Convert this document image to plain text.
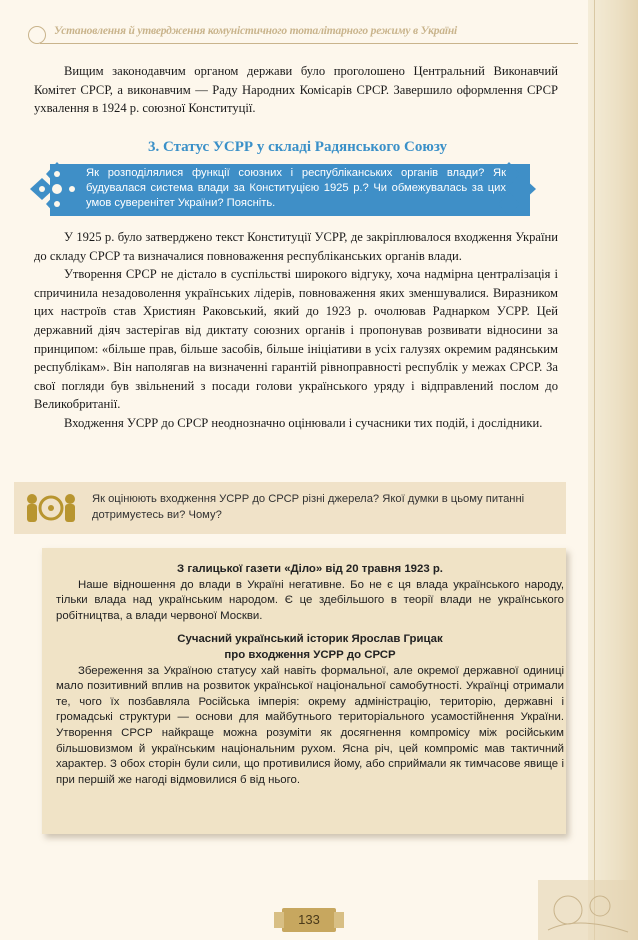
Установлення й утвердження комуністичного тоталітарного режиму в Україні

Вищим законодавчим органом держави було проголошено Центральний Виконавчий Комітет СРСР, а виконавчим — Раду Народних Комісарів СРСР. Завершило оформлення СРСР ухвалення в 1924 р. союзної Конституції.

3. Статус УСРР у складі Радянського Союзу
Як розподілялися функції союзних і республіканських органів влади? Як будувалася система влади за Конституцією 1925 р.? Чи обмежувалась за цих умов суверенітет України? Поясніть.

У 1925 р. було затверджено текст Конституції УСРР, де закріплювалося входження України до складу СРСР та визначалися повноваження республіканських органів влади.

Утворення СРСР не дістало в суспільстві широкого відгуку, хоча надмірна централізація і спричинила незадоволення українських лідерів, повноваження яких зменшувалися. Виразником цих настроїв став Християн Раковський, який до 1923 р. очолював Раднарком УСРР. Цей державний діяч застерігав від диктату союзних органів і пропонував розвивати відносини за принципом: «більше прав, більше засобів, більше ініціативи в усіх галузях окремим радянським республікам». Він наполягав на визначенні гарантій рівноправності республік у межах СРСР. За свої погляди був звільнений з посади голови українського уряду і відправлений послом до Великобританії.

Входження УСРР до СРСР неоднозначно оцінювали і сучасники тих подій, і дослідники.

Як оцінюють входження УСРР до СРСР різні джерела? Якої думки в цьому питанні дотримуєтесь ви? Чому?
З галицької газети «Діло» від 20 травня 1923 р.

Наше відношення до влади в Україні негативне. Бо не є ця влада українського народу, тільки влада над українським народом. Є це здебільшого в теорії влади не українського робітництва, а влади червоної Москви.

Сучасний український історик Ярослав Грицак
про входження УСРР до СРСР

Збереження за Україною статусу хай навіть формальної, але окремої державної одиниці мало позитивний вплив на розвиток української національної самобутності. Українці отримали те, чого їх позбавляла Російська імперія: окрему адміністрацію, територію, державні і громадські структури — основи для майбутнього територіального усамостійнення України. Утворення СРСР найкраще можна розуміти як досягнення компромісу між російським більшовизмом й українським національним рухом. Ясна річ, цей компроміс мав тактичний характер. З обох сторін були сили, що противилися йому, або сприймали як тимчасове явище і при першій же нагоді відмовилися б від нього.

133
